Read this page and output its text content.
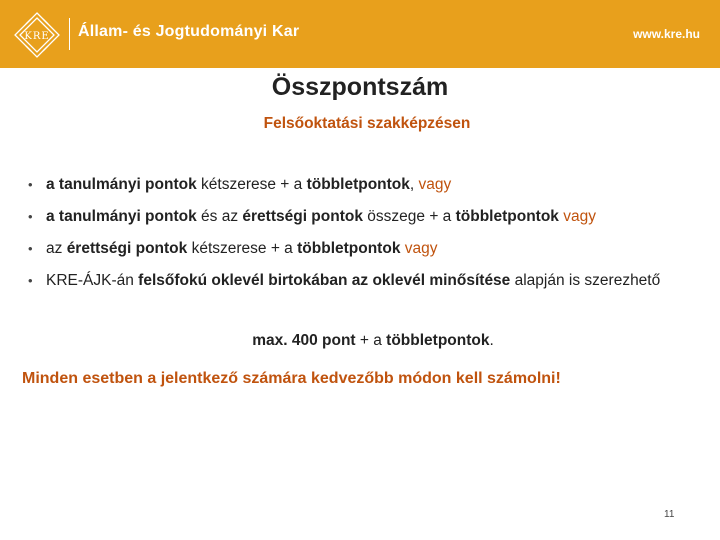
KRE Állam- és Jogtudományi Kar	www.kre.hu
Összpontszám
Felsőoktatási szakképzésen
• a tanulmányi pontok kétszerese + a többletpontok, vagy
• a tanulmányi pontok és az érettségi pontok összege + a többletpontok vagy
• az érettségi pontok kétszerese + a többletpontok vagy
• KRE-ÁJK-án felsőfokú oklevél birtokában az oklevél minősítése alapján is szerezhető
max. 400 pont + a többletpontok.
Minden esetben a jelentkező számára kedvezőbb módon kell számolni!
11
